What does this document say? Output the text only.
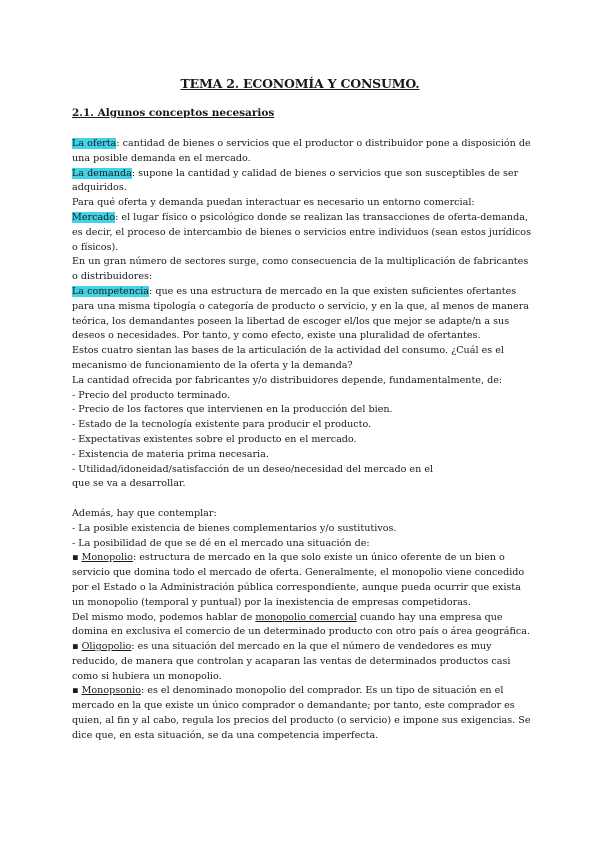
TEMA 2. ECONOMÍA Y CONSUMO.
2.1. Algunos conceptos necesarios

La oferta: cantidad de bienes o servicios que el productor o distribuidor pone a disposición de una posible demanda en el mercado.

La demanda: supone la cantidad y calidad de bienes o servicios que son susceptibles de ser adquiridos.

Para qué oferta y demanda puedan interactuar es necesario un entorno comercial:

Mercado: el lugar físico o psicológico donde se realizan las transacciones de oferta-demanda, es decir, el proceso de intercambio de bienes o servicios entre individuos (sean estos jurídicos o físicos).

En un gran número de sectores surge, como consecuencia de la multiplicación de fabricantes o distribuidores:

La competencia: que es una estructura de mercado en la que existen suficientes ofertantes para una misma tipología o categoría de producto o servicio, y en la que, al menos de manera teórica, los demandantes poseen la libertad de escoger el/los que mejor se adapte/n a sus deseos o necesidades. Por tanto, y como efecto, existe una pluralidad de ofertantes.

Estos cuatro sientan las bases de la articulación de la actividad del consumo. ¿Cuál es el mecanismo de funcionamiento de la oferta y la demanda?

La cantidad ofrecida por fabricantes y/o distribuidores depende, fundamentalmente, de:

- Precio del producto terminado.

- Precio de los factores que intervienen en la producción del bien.

- Estado de la tecnología existente para producir el producto.

- Expectativas existentes sobre el producto en el mercado.

- Existencia de materia prima necesaria.

- Utilidad/idoneidad/satisfacción de un deseo/necesidad del mercado en el

que se va a desarrollar.

Además, hay que contemplar:

- La posible existencia de bienes complementarios y/o sustitutivos.

- La posibilidad de que se dé en el mercado una situación de:

▪ Monopolio: estructura de mercado en la que solo existe un único oferente de un bien o servicio que domina todo el mercado de oferta. Generalmente, el monopolio viene concedido por el Estado o la Administración pública correspondiente, aunque pueda ocurrir que exista un monopolio (temporal y puntual) por la inexistencia de empresas competidoras.

Del mismo modo, podemos hablar de monopolio comercial cuando hay una empresa que domina en exclusiva el comercio de un determinado producto con otro país o área geográfica.

▪ Oligopolio: es una situación del mercado en la que el número de vendedores es muy reducido, de manera que controlan y acaparan las ventas de determinados productos casi como si hubiera un monopolio.

▪ Monopsonio: es el denominado monopolio del comprador. Es un tipo de situación en el mercado en la que existe un único comprador o demandante; por tanto, este comprador es quien, al fin y al cabo, regula los precios del producto (o servicio) e impone sus exigencias. Se dice que, en esta situación, se da una competencia imperfecta.
